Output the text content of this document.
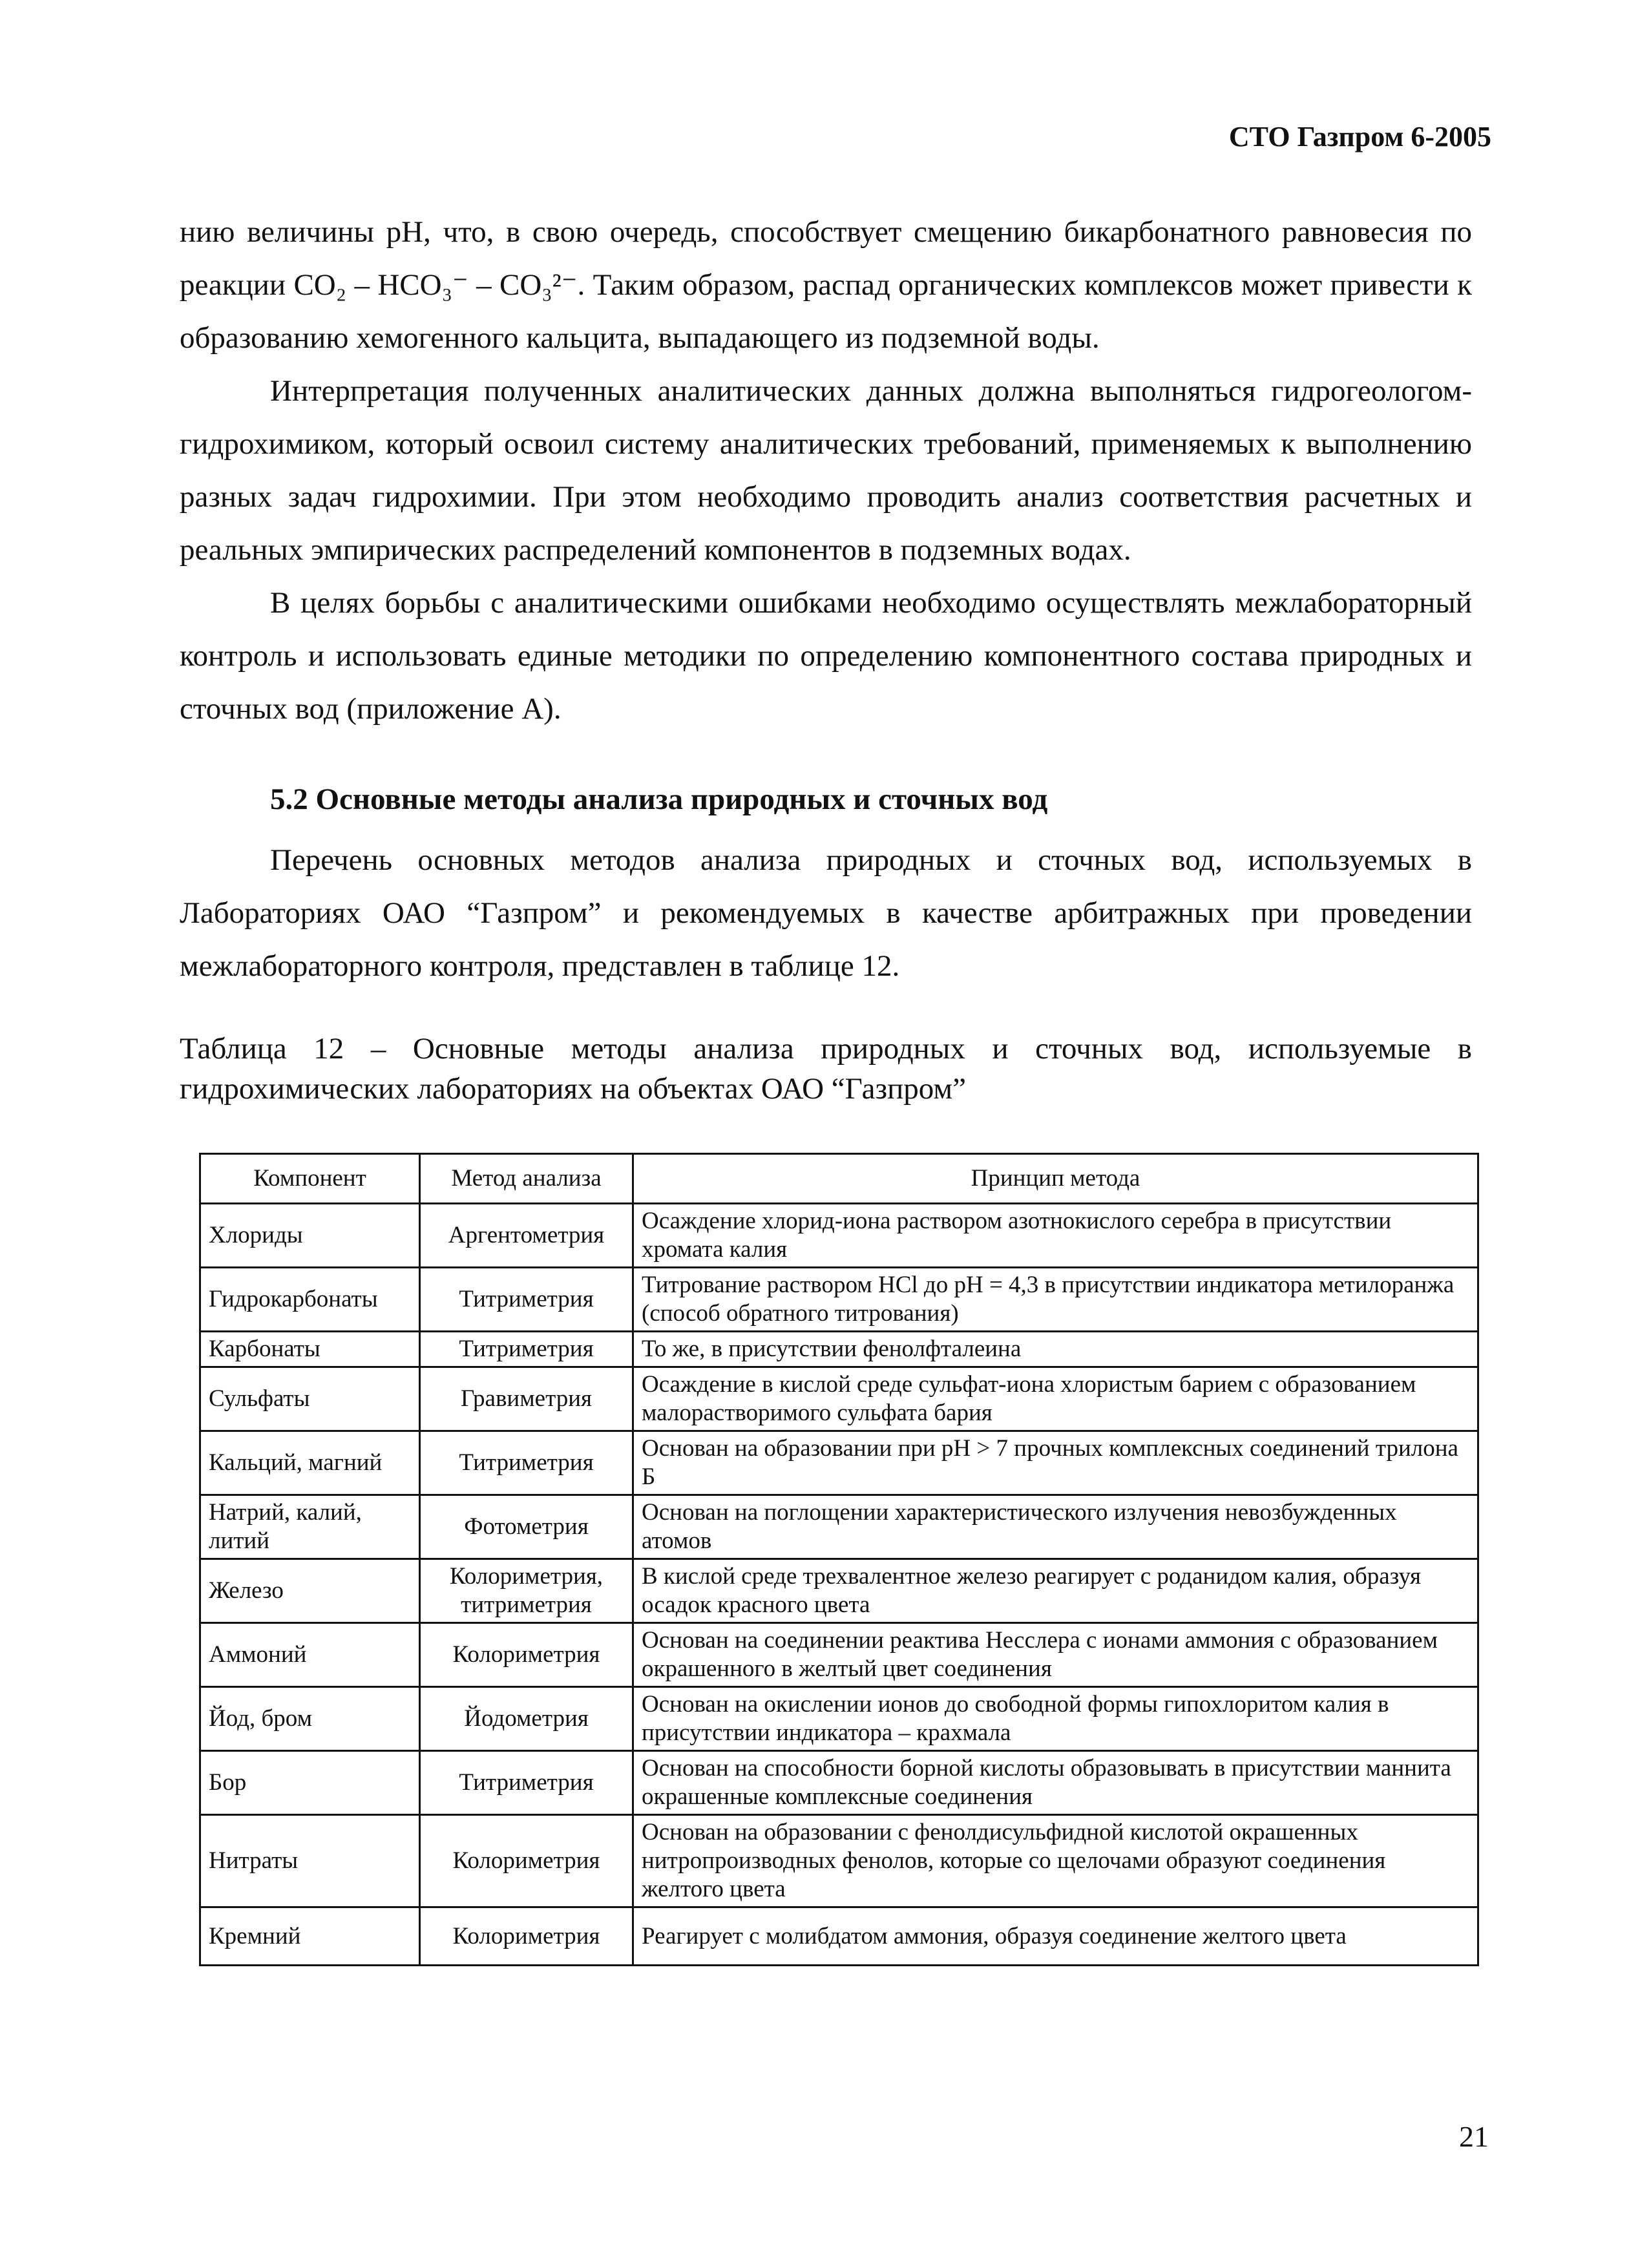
СТО Газпром 6-2005

нию величины pH, что, в свою очередь, способствует смещению бикарбонатного равновесия по реакции CO₂ – HCO₃⁻ – CO₃²⁻. Таким образом, распад органических комплексов может привести к образованию хемогенного кальцита, выпадающего из подземной воды.

Интерпретация полученных аналитических данных должна выполняться гидрогеологом-гидрохимиком, который освоил систему аналитических требований, применяемых к выполнению разных задач гидрохимии. При этом необходимо проводить анализ соответствия расчетных и реальных эмпирических распределений компонентов в подземных водах.

В целях борьбы с аналитическими ошибками необходимо осуществлять межлабораторный контроль и использовать единые методики по определению компонентного состава природных и сточных вод (приложение А).

5.2 Основные методы анализа природных и сточных вод
Перечень основных методов анализа природных и сточных вод, используемых в Лабораториях ОАО “Газпром” и рекомендуемых в качестве арбитражных при проведении межлабораторного контроля, представлен в таблице 12.
Таблица 12 – Основные методы анализа природных и сточных вод, используемые в гидрохимических лабораториях на объектах ОАО “Газпром”
Компонент	Метод анализа	Принцип метода
Хлориды	Аргентометрия	Осаждение хлорид-иона раствором азотнокислого серебра в присутствии хромата калия
Гидрокарбонаты	Титриметрия	Титрование раствором HCl до pH = 4,3 в присутствии индикатора метилоранжа (способ обратного титрования)
Карбонаты	Титриметрия	То же, в присутствии фенолфталеина
Сульфаты	Гравиметрия	Осаждение в кислой среде сульфат-иона хлористым барием с образованием малорастворимого сульфата бария
Кальций, магний	Титриметрия	Основан на образовании при pH > 7 прочных комплексных соединений трилона Б
Натрий, калий, литий	Фотометрия	Основан на поглощении характеристического излучения невозбужденных атомов
Железо	Колориметрия, титриметрия	В кислой среде трехвалентное железо реагирует с роданидом калия, образуя осадок красного цвета
Аммоний	Колориметрия	Основан на соединении реактива Несслера с ионами аммония с образованием окрашенного в желтый цвет соединения
Йод, бром	Йодометрия	Основан на окислении ионов до свободной формы гипохлоритом калия в присутствии индикатора – крахмала
Бор	Титриметрия	Основан на способности борной кислоты образовывать в присутствии маннита окрашенные комплексные соединения
Нитраты	Колориметрия	Основан на образовании с фенолдисульфидной кислотой окрашенных нитропроизводных фенолов, которые со щелочами образуют соединения желтого цвета
Кремний	Колориметрия	Реагирует с молибдатом аммония, образуя соединение желтого цвета
21
